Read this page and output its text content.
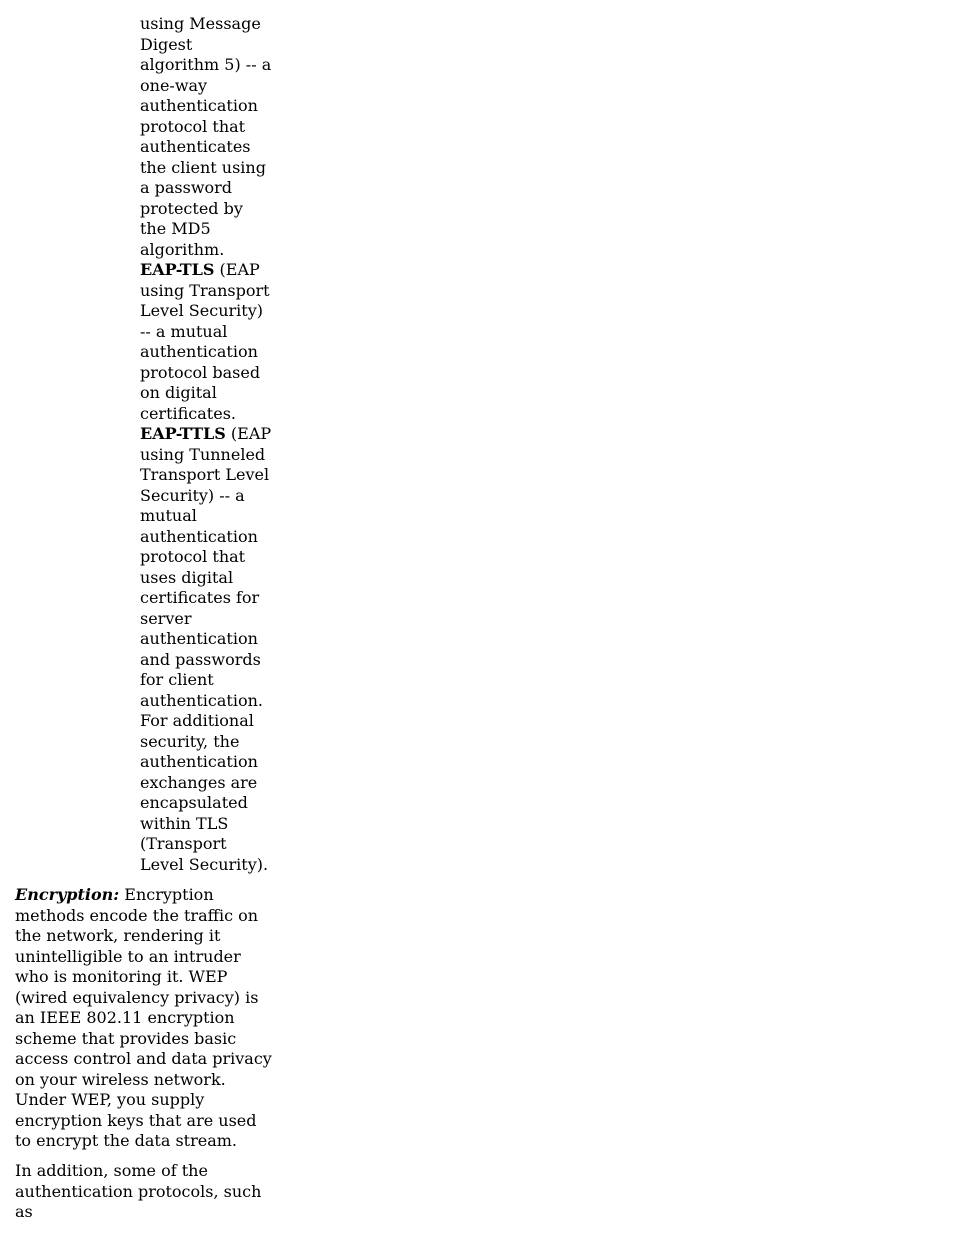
using Message Digest algorithm 5) -- a one-way authentication protocol that authenticates the client using a password protected by the MD5 algorithm.

EAP-TLS (EAP using Transport Level Security) -- a mutual authentication protocol based on digital certificates.

EAP-TTLS (EAP using Tunneled Transport Level Security) -- a mutual authentication protocol that uses digital certificates for server authentication and passwords for client authentication. For additional security, the authentication exchanges are encapsulated within TLS (Transport Level Security).

Encryption: Encryption methods encode the traffic on the network, rendering it unintelligible to an intruder who is monitoring it. WEP (wired equivalency privacy) is an IEEE 802.11 encryption scheme that provides basic access control and data privacy on your wireless network. Under WEP, you supply encryption keys that are used to encrypt the data stream.

In addition, some of the authentication protocols, such as
